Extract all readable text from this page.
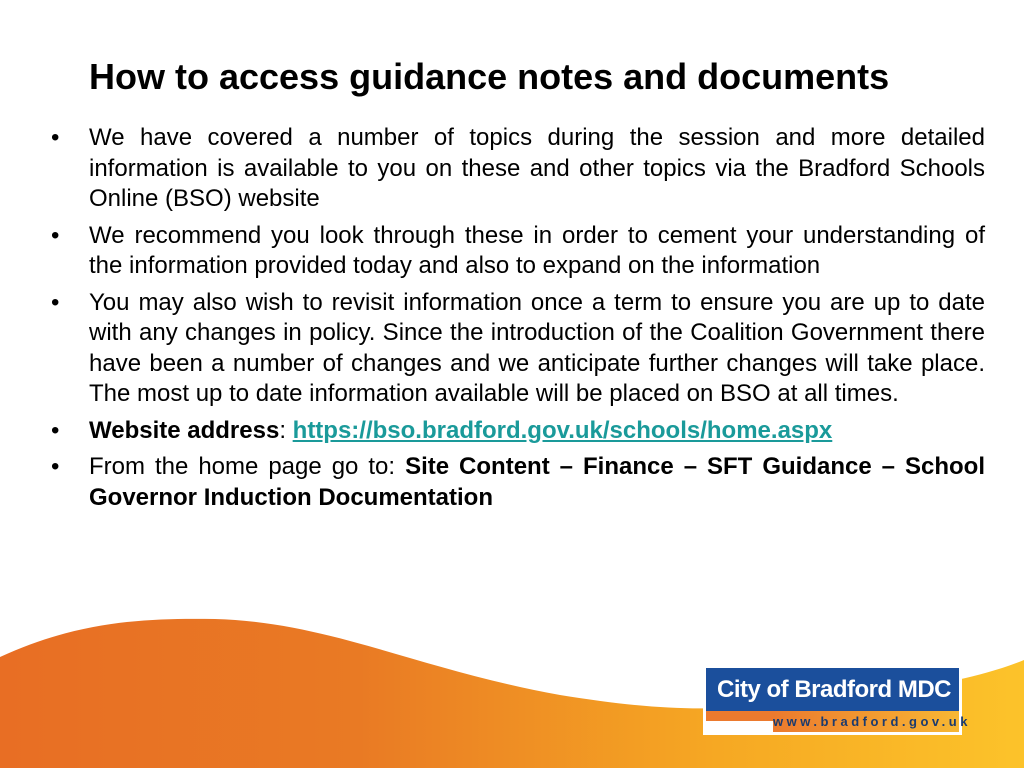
How to access guidance notes and documents
• We have covered a number of topics during the session and more detailed information is available to you on these and other topics via the Bradford Schools Online (BSO) website
• We recommend you look through these in order to cement your understanding of the information provided today and also to expand on the information
• You may also wish to revisit information once a term to ensure you are up to date with any changes in policy. Since the introduction of the Coalition Government there have been a number of changes and we anticipate further changes will take place. The most up to date information available will be placed on BSO at all times.
• Website address: https://bso.bradford.gov.uk/schools/home.aspx
• From the home page go to: Site Content – Finance – SFT Guidance – School Governor Induction Documentation
www.bradford.gov.uk
City of Bradford MDC
